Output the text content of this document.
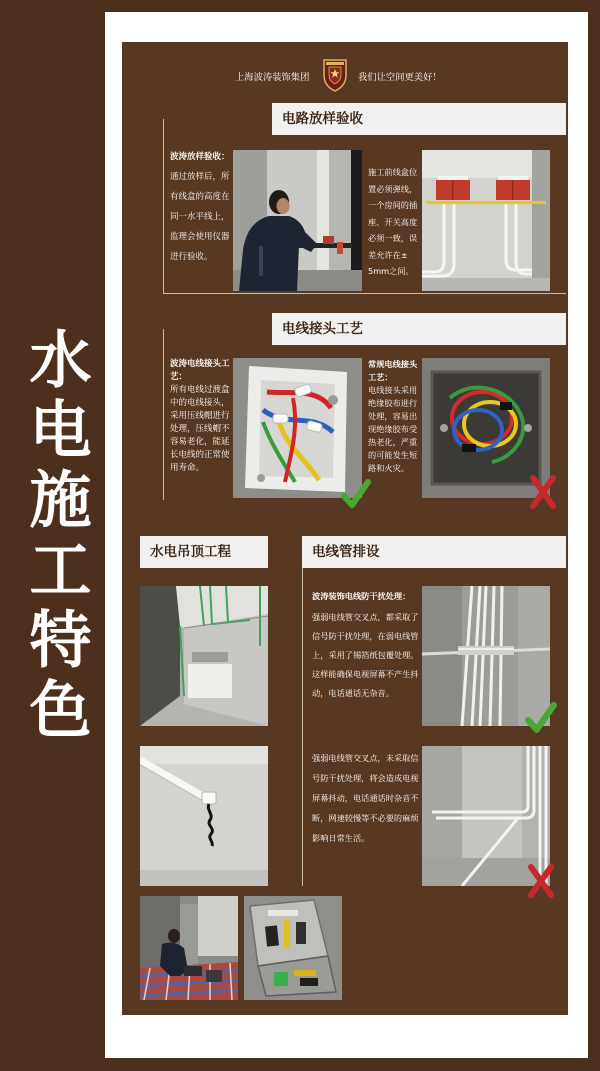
水电施工特色
上海波涛装饰集团	我们让空间更美好！
电路放样验收
波涛放样验收：
通过放样后，所
有线盒的高度在
同一水平线上，
监理会使用仪器
进行验收。
施工前线盒位
置必须弹线，
一个房间的插
座、开关高度
必须一致，误
差允许在±
5mm之间。
电线接头工艺
波涛电线接头工
艺：
所有电线过渡盒
中的电线接头，
采用压线帽进行
处理，压线帽不
容易老化，能延
长电线的正常使
用寿命。
常规电线接头
工艺：
电线接头采用
绝缘胶布进行
处理，容易出
现绝缘胶布受
热老化，严重
的可能发生短
路和火灾。
水电吊顶工程	电线管排设
波涛装饰电线防干扰处理：
强弱电线管交叉点，都采取了
信号防干扰处理，在弱电线管
上，采用了锡箔纸包覆处理。
这样能确保电视屏幕不产生抖
动，电话通话无杂音。
强弱电线管交叉点，未采取信
号防干扰处理，将会造成电视
屏幕抖动，电话通话时杂音不
断，网速较慢等不必要的麻烦
影响日常生活。
